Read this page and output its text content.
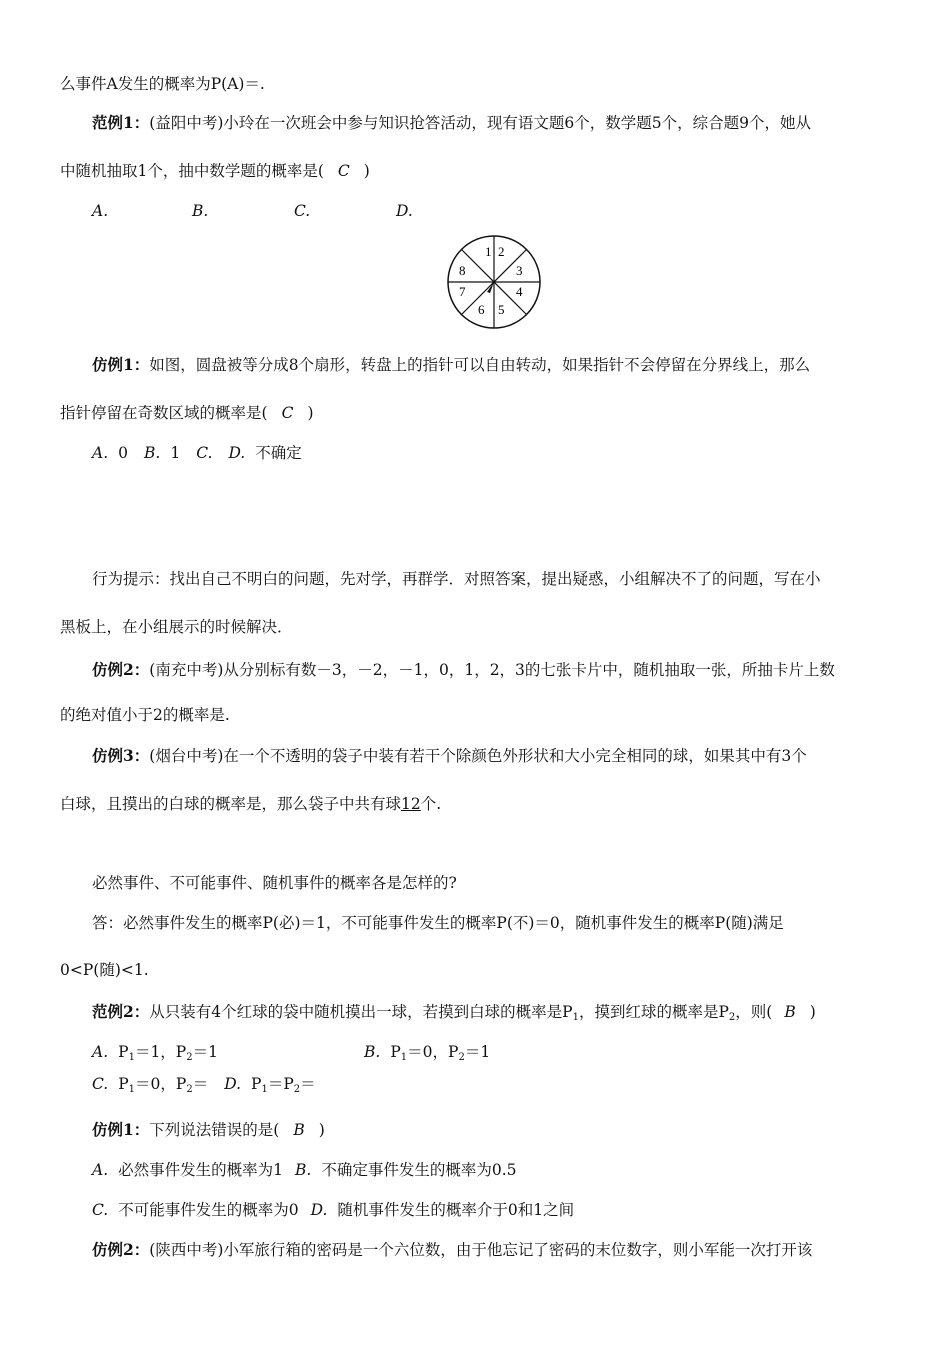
么事件A发生的概率为P(A)＝.
范例1：(益阳中考)小玲在一次班会中参与知识抢答活动，现有语文题6个，数学题5个，综合题9个，她从
中随机抽取1个，抽中数学题的概率是( C )
A.	B.	C.	D.
1 2
3
4
5
6
7
8
仿例1：如图，圆盘被等分成8个扇形，转盘上的指针可以自由转动，如果指针不会停留在分界线上，那么
指针停留在奇数区域的概率是( C )
A. 0 B. 1 C. D. 不确定
行为提示：找出自己不明白的问题，先对学，再群学．对照答案，提出疑惑，小组解决不了的问题，写在小
黑板上，在小组展示的时候解决．
仿例2：(南充中考)从分别标有数－3，－2，－1，0，1，2，3的七张卡片中，随机抽取一张，所抽卡片上数
的绝对值小于2的概率是.
仿例3：(烟台中考)在一个不透明的袋子中装有若干个除颜色外形状和大小完全相同的球，如果其中有3个
白球，且摸出的白球的概率是，那么袋子中共有球12个.
必然事件、不可能事件、随机事件的概率各是怎样的?
答：必然事件发生的概率P(必)＝1，不可能事件发生的概率P(不)＝0，随机事件发生的概率P(随)满足
0<P(随)<1.
范例2：从只装有4个红球的袋中随机摸出一球，若摸到白球的概率是$P_1$，摸到红球的概率是$P_2$，则( B )
A. $P_1=1$，$P_2=1$	B. $P_1=0$，$P_2=1$
C. $P_1=0$，$P_2= D$. $P_1=P_2=$
仿例1：下列说法错误的是( B )
A. 必然事件发生的概率为1 B. 不确定事件发生的概率为0.5
C. 不可能事件发生的概率为0 D. 随机事件发生的概率介于0和1之间
仿例2：(陕西中考)小军旅行箱的密码是一个六位数，由于他忘记了密码的末位数字，则小军能一次打开该
